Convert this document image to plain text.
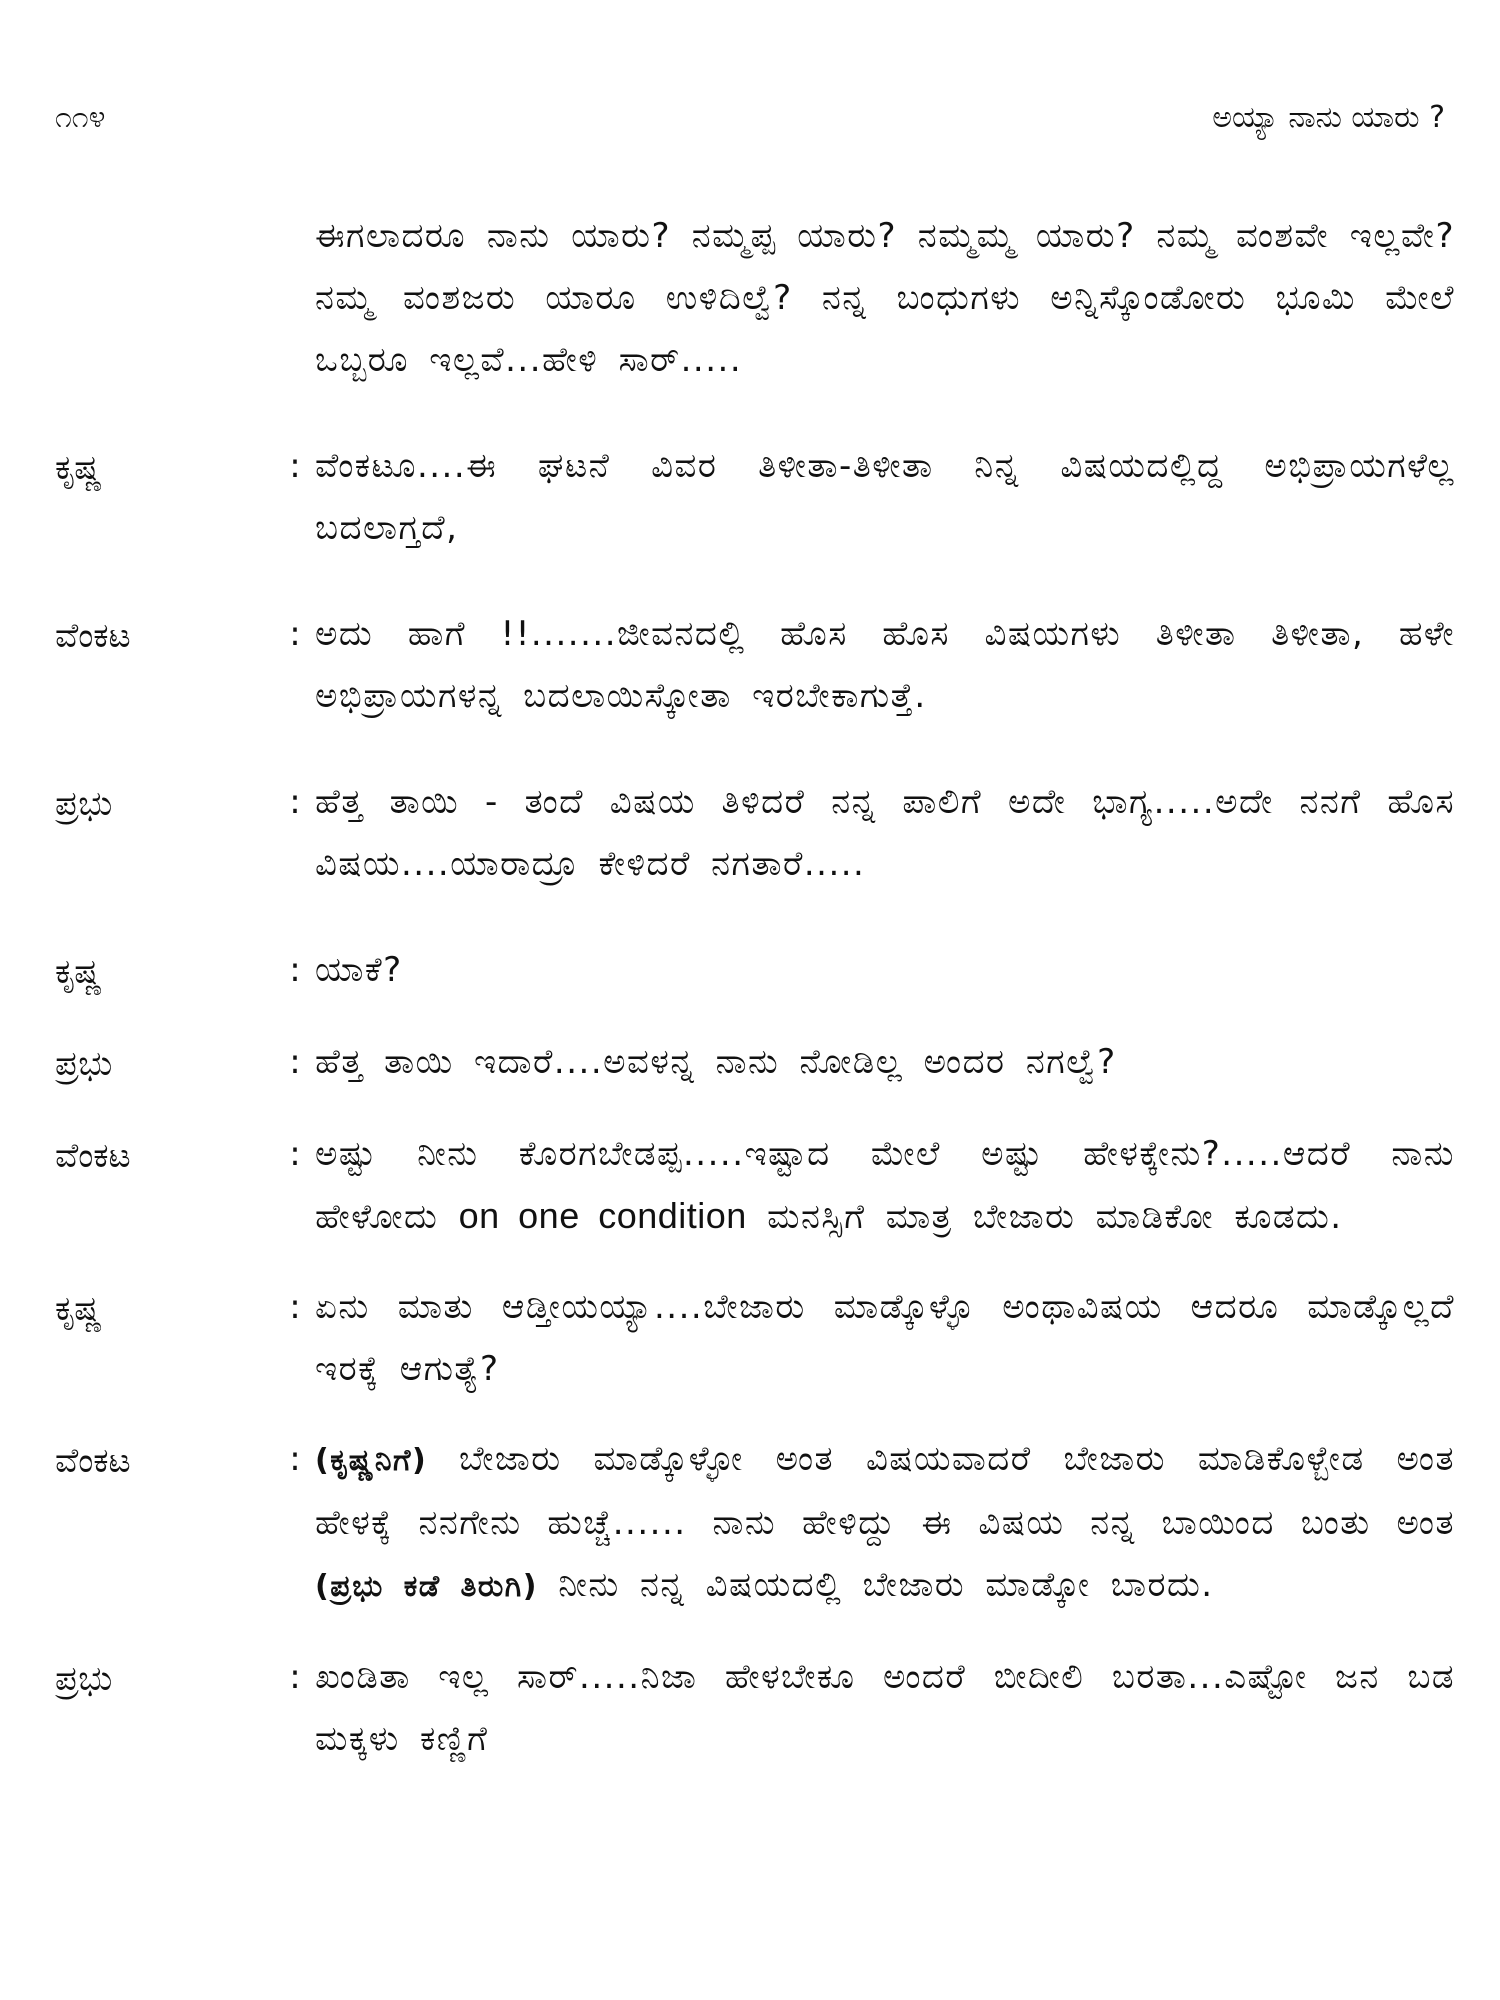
೧೧೪	ಅಯ್ಯಾ ನಾನು ಯಾರು ?
ಈಗಲಾದರೂ ನಾನು ಯಾರು? ನಮ್ಮಪ್ಪ ಯಾರು? ನಮ್ಮಮ್ಮ ಯಾರು? ನಮ್ಮ ವಂಶವೇ ಇಲ್ಲವೇ? ನಮ್ಮ ವಂಶಜರು ಯಾರೂ ಉಳಿದಿಲ್ವೆ? ನನ್ನ ಬಂಧುಗಳು ಅನ್ನಿಸ್ಕೊಂಡೋರು ಭೂಮಿ ಮೇಲೆ ಒಬ್ಬರೂ ಇಲ್ಲವೆ...ಹೇಳಿ ಸಾರ್.....
ಕೃಷ್ಣ	: ವೆಂಕಟೂ....ಈ ಘಟನೆ ವಿವರ ತಿಳೀತಾ-ತಿಳೀತಾ ನಿನ್ನ ವಿಷಯದಲ್ಲಿದ್ದ ಅಭಿಪ್ರಾಯಗಳೆಲ್ಲ ಬದಲಾಗ್ತದೆ,
ವೆಂಕಟ	: ಅದು ಹಾಗೆ !!.......ಜೀವನದಲ್ಲಿ ಹೊಸ ಹೊಸ ವಿಷಯಗಳು ತಿಳೀತಾ ತಿಳೀತಾ, ಹಳೇ ಅಭಿಪ್ರಾಯಗಳನ್ನ ಬದಲಾಯಿಸ್ಕೋತಾ ಇರಬೇಕಾಗುತ್ತೆ.
ಪ್ರಭು	: ಹೆತ್ತ ತಾಯಿ - ತಂದೆ ವಿಷಯ ತಿಳಿದರೆ ನನ್ನ ಪಾಲಿಗೆ ಅದೇ ಭಾಗ್ಯ.....ಅದೇ ನನಗೆ ಹೊಸ ವಿಷಯ....ಯಾರಾದ್ರೂ ಕೇಳಿದರೆ ನಗತಾರೆ.....
ಕೃಷ್ಣ	: ಯಾಕೆ?
ಪ್ರಭು	: ಹೆತ್ತ ತಾಯಿ ಇದಾರೆ....ಅವಳನ್ನ ನಾನು ನೋಡಿಲ್ಲ ಅಂದರ ನಗಲ್ವೆ?
ವೆಂಕಟ	: ಅಷ್ಟು ನೀನು ಕೊರಗಬೇಡಪ್ಪ.....ಇಷ್ಟಾದ ಮೇಲೆ ಅಷ್ಟು ಹೇಳಕ್ಕೇನು?.....ಆದರೆ ನಾನು ಹೇಳೋದು on one condition ಮನಸ್ಸಿಗೆ ಮಾತ್ರ ಬೇಜಾರು ಮಾಡಿಕೋ ಕೂಡದು.
ಕೃಷ್ಣ	: ಏನು ಮಾತು ಆಡ್ತೀಯಯ್ಯಾ....ಬೇಜಾರು ಮಾಡ್ಕೊಳ್ಳೊ ಅಂಥಾವಿಷಯ ಆದರೂ ಮಾಡ್ಕೊಲ್ಲದೆ ಇರಕ್ಕೆ ಆಗುತ್ಯೆ?
ವೆಂಕಟ	: (ಕೃಷ್ಣನಿಗೆ) ಬೇಜಾರು ಮಾಡ್ಕೊಳ್ಳೋ ಅಂತ ವಿಷಯವಾದರೆ ಬೇಜಾರು ಮಾಡಿಕೊಳ್ಬೇಡ ಅಂತ ಹೇಳಕ್ಕೆ ನನಗೇನು ಹುಚ್ಚೆ...... ನಾನು ಹೇಳಿದ್ದು ಈ ವಿಷಯ ನನ್ನ ಬಾಯಿಂದ ಬಂತು ಅಂತ (ಪ್ರಭು ಕಡೆ ತಿರುಗಿ) ನೀನು ನನ್ನ ವಿಷಯದಲ್ಲಿ ಬೇಜಾರು ಮಾಡ್ಕೋ ಬಾರದು.
ಪ್ರಭು	: ಖಂಡಿತಾ ಇಲ್ಲ ಸಾರ್.....ನಿಜಾ ಹೇಳಬೇಕೂ ಅಂದರೆ ಬೀದೀಲಿ ಬರತಾ...ಎಷ್ಟೋ ಜನ ಬಡ ಮಕ್ಕಳು ಕಣ್ಣಿಗೆ
